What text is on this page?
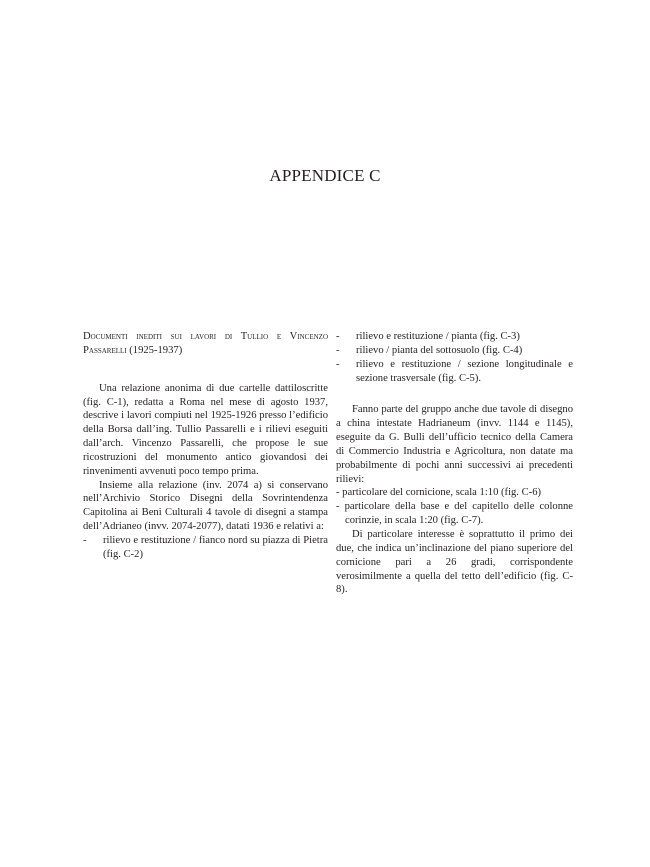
APPENDICE C

Documenti inediti sui lavori di Tullio e Vincenzo Passarelli (1925-1937)

Una relazione anonima di due cartelle dattiloscritte (fig. C-1), redatta a Roma nel mese di agosto 1937, descrive i lavori compiuti nel 1925-1926 presso l’edificio della Borsa dall’ing. Tullio Passarelli e i rilievi eseguiti dall’arch. Vincenzo Passarelli, che propose le sue ricostruzioni del monumento antico giovandosi dei rinvenimenti avvenuti poco tempo prima.

Insieme alla relazione (inv. 2074 a) si conservano nell’Archivio Storico Disegni della Sovrintendenza Capitolina ai Beni Culturali 4 tavole di disegni a stampa dell’Adrianeo (invv. 2074-2077), datati 1936 e relativi a:

-	rilievo e restituzione / fianco nord su piazza di Pietra (fig. C-2)
-	rilievo e restituzione / pianta (fig. C-3)
-	rilievo / pianta del sottosuolo (fig. C-4)
-	rilievo e restituzione / sezione longitudinale e sezione trasversale (fig. C-5).

Fanno parte del gruppo anche due tavole di disegno a china intestate Hadrianeum (invv. 1144 e 1145), eseguite da G. Bulli dell’ufficio tecnico della Camera di Commercio Industria e Agricoltura, non datate ma probabilmente di pochi anni successivi ai precedenti rilievi:

- particolare del cornicione, scala 1:10 (fig. C-6)

- particolare della base e del capitello delle colonne corinzie, in scala 1:20 (fig. C-7).

Di particolare interesse è soprattutto il primo dei due, che indica un’inclinazione del piano superiore del cornicione pari a 26 gradi, corrispondente verosimilmente a quella del tetto dell’edificio (fig. C-8).
